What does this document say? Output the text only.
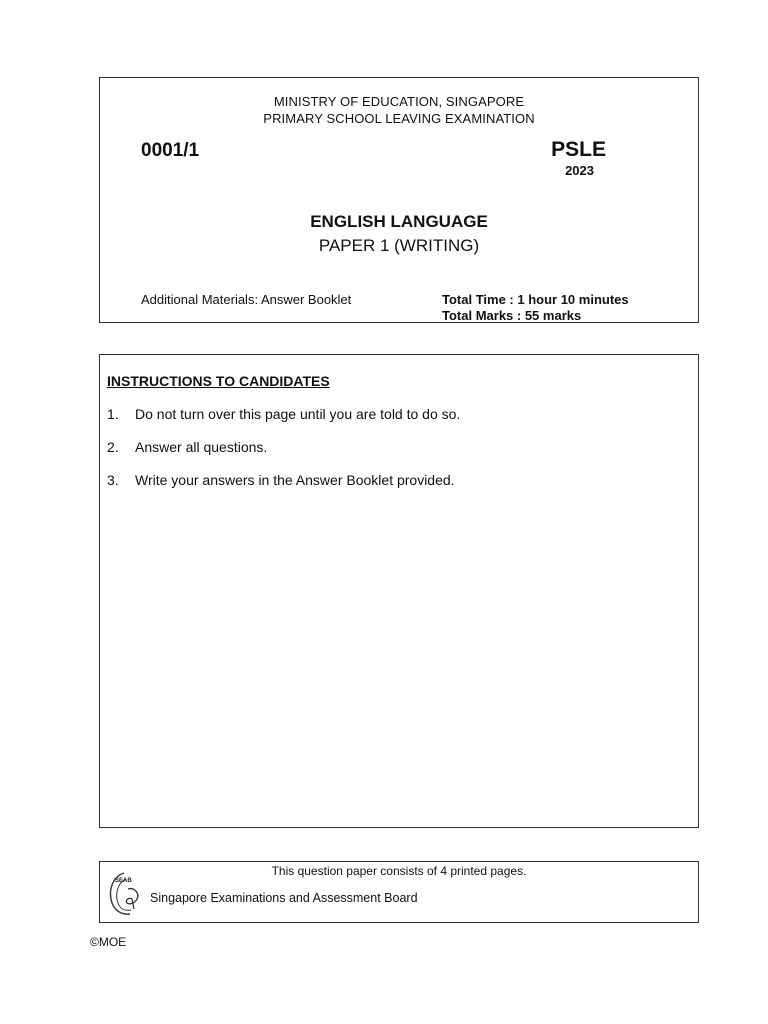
MINISTRY OF EDUCATION, SINGAPORE
PRIMARY SCHOOL LEAVING EXAMINATION
0001/1	PSLE
2023
ENGLISH LANGUAGE
PAPER 1 (WRITING)
Additional Materials: Answer Booklet	Total Time : 1 hour 10 minutes
Total Marks : 55 marks
INSTRUCTIONS TO CANDIDATES
1.	Do not turn over this page until you are told to do so.
2.	Answer all questions.
3.	Write your answers in the Answer Booklet provided.
This question paper consists of 4 printed pages.
SEAB
Singapore Examinations and Assessment Board
©MOE
